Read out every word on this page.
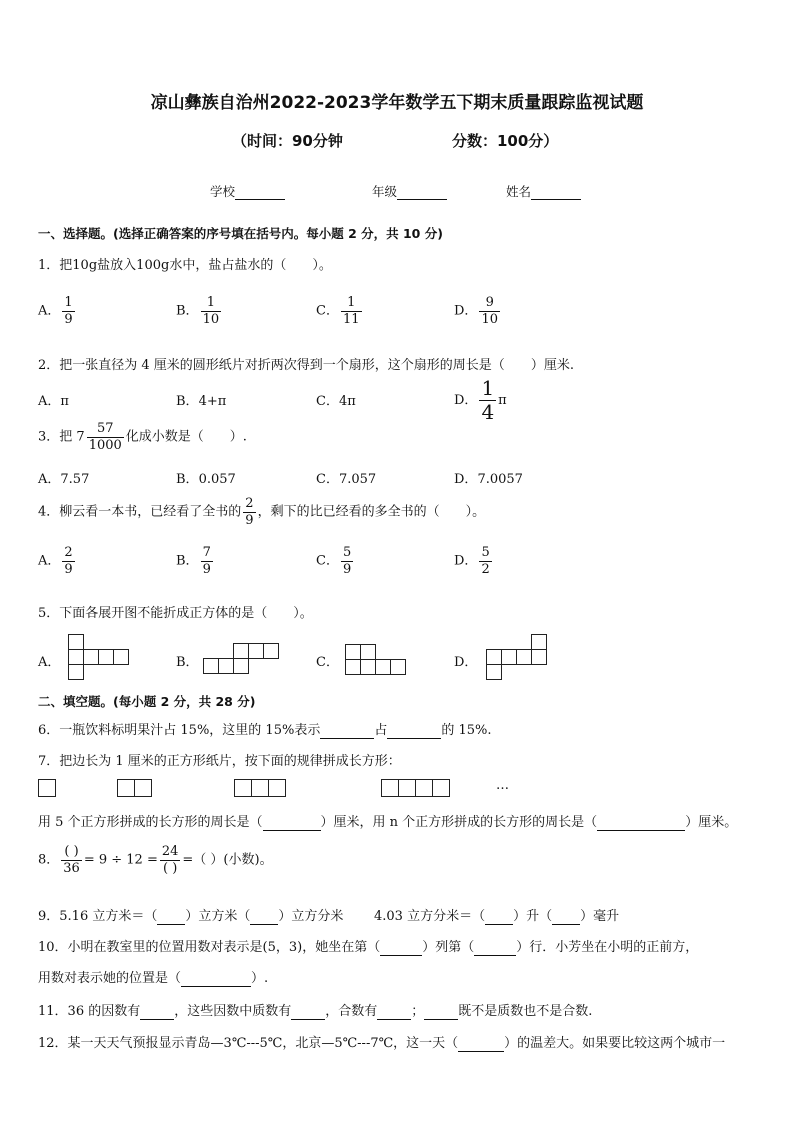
凉山彝族自治州2022-2023学年数学五下期末质量跟踪监视试题
（时间：90分钟	分数：100分）
学校	年级	姓名
一、选择题。(选择正确答案的序号填在括号内。每小题 2 分，共 10 分)
1．把10g盐放入100g水中，盐占盐水的（ ）。
A． $\frac{1}{9}$	B． $\frac{1}{10}$	C． $\frac{1}{11}$	D． $\frac{9}{10}$
2．把一张直径为 4 厘米的圆形纸片对折两次得到一个扇形，这个扇形的周长是（ ）厘米.
A．π	B．4+π	C．4π	D． $\frac{1}{4}$ π
3．把 $7 \frac{57}{1000}$ 化成小数是（ ）.
A．7.57	B．0.057	C．7.057	D．7.0057
4．柳云看一本书，已经看了全书的 $\frac{2}{9}$ ，剩下的比已经看的多全书的（ ）。
A． $\frac{2}{9}$	B． $\frac{7}{9}$	C． $\frac{5}{9}$	D． $\frac{5}{2}$
5．下面各展开图不能折成正方体的是（ ）。
A．	B．	C．	D．
二、填空题。(每小题 2 分，共 28 分)
6．一瓶饮料标明果汁占 15%，这里的 15%表示	占	的 15%.
7．把边长为 1 厘米的正方形纸片，按下面的规律拼成长方形：
…
用 5 个正方形拼成的长方形的周长是（	）厘米，用 n 个正方形拼成的长方形的周长是（	）厘米。
8． $\frac{( )}{36} = 9 \div 12 = \frac{24}{( )}$ =（ ）(小数)。
9．5.16 立方米＝（ ）立方米（ ）立方分米 4.03 立方分米＝（ ）升（ ）毫升
10．小明在教室里的位置用数对表示是(5，3)，她坐在第（	）列第（	）行．小芳坐在小明的正前方，
用数对表示她的位置是（	）.
11．36 的因数有	，这些因数中质数有	，合数有	；	既不是质数也不是合数.
12．某一天天气预报显示青岛—3℃---5℃，北京—5℃---7℃，这一天（	）的温差大。如果要比较这两个城市一
